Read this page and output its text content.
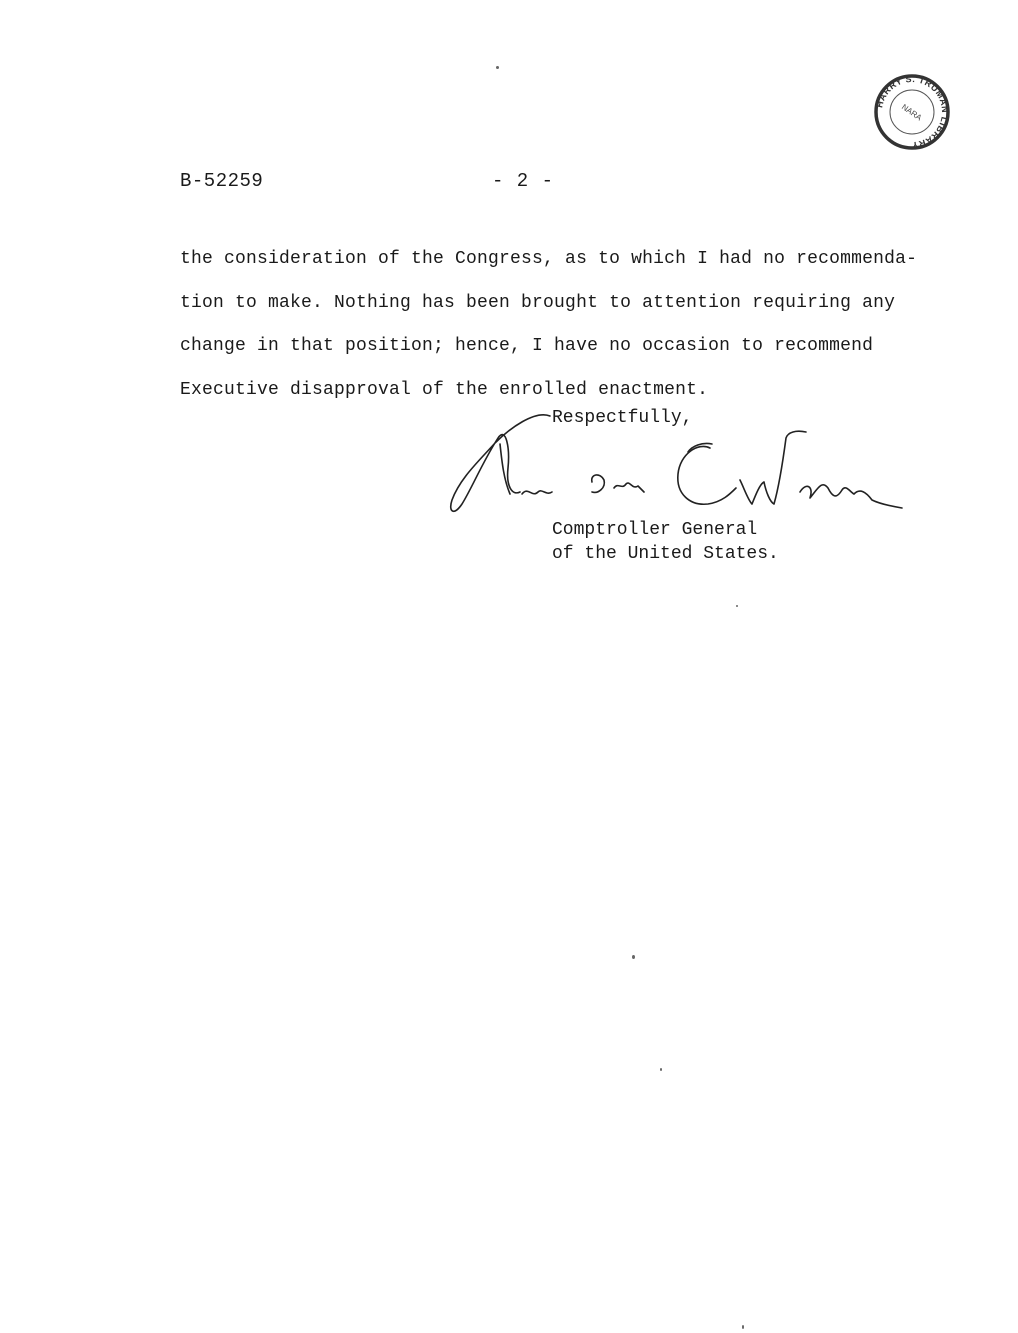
HARRY S. TRUMAN LIBRARY
NARA
B-52259	- 2 -
the consideration of the Congress, as to which I had no recommenda-
tion to make. Nothing has been brought to attention requiring any
change in that position; hence, I have no occasion to recommend
Executive disapproval of the enrolled enactment.
Respectfully,
Comptroller General
of the United States.
